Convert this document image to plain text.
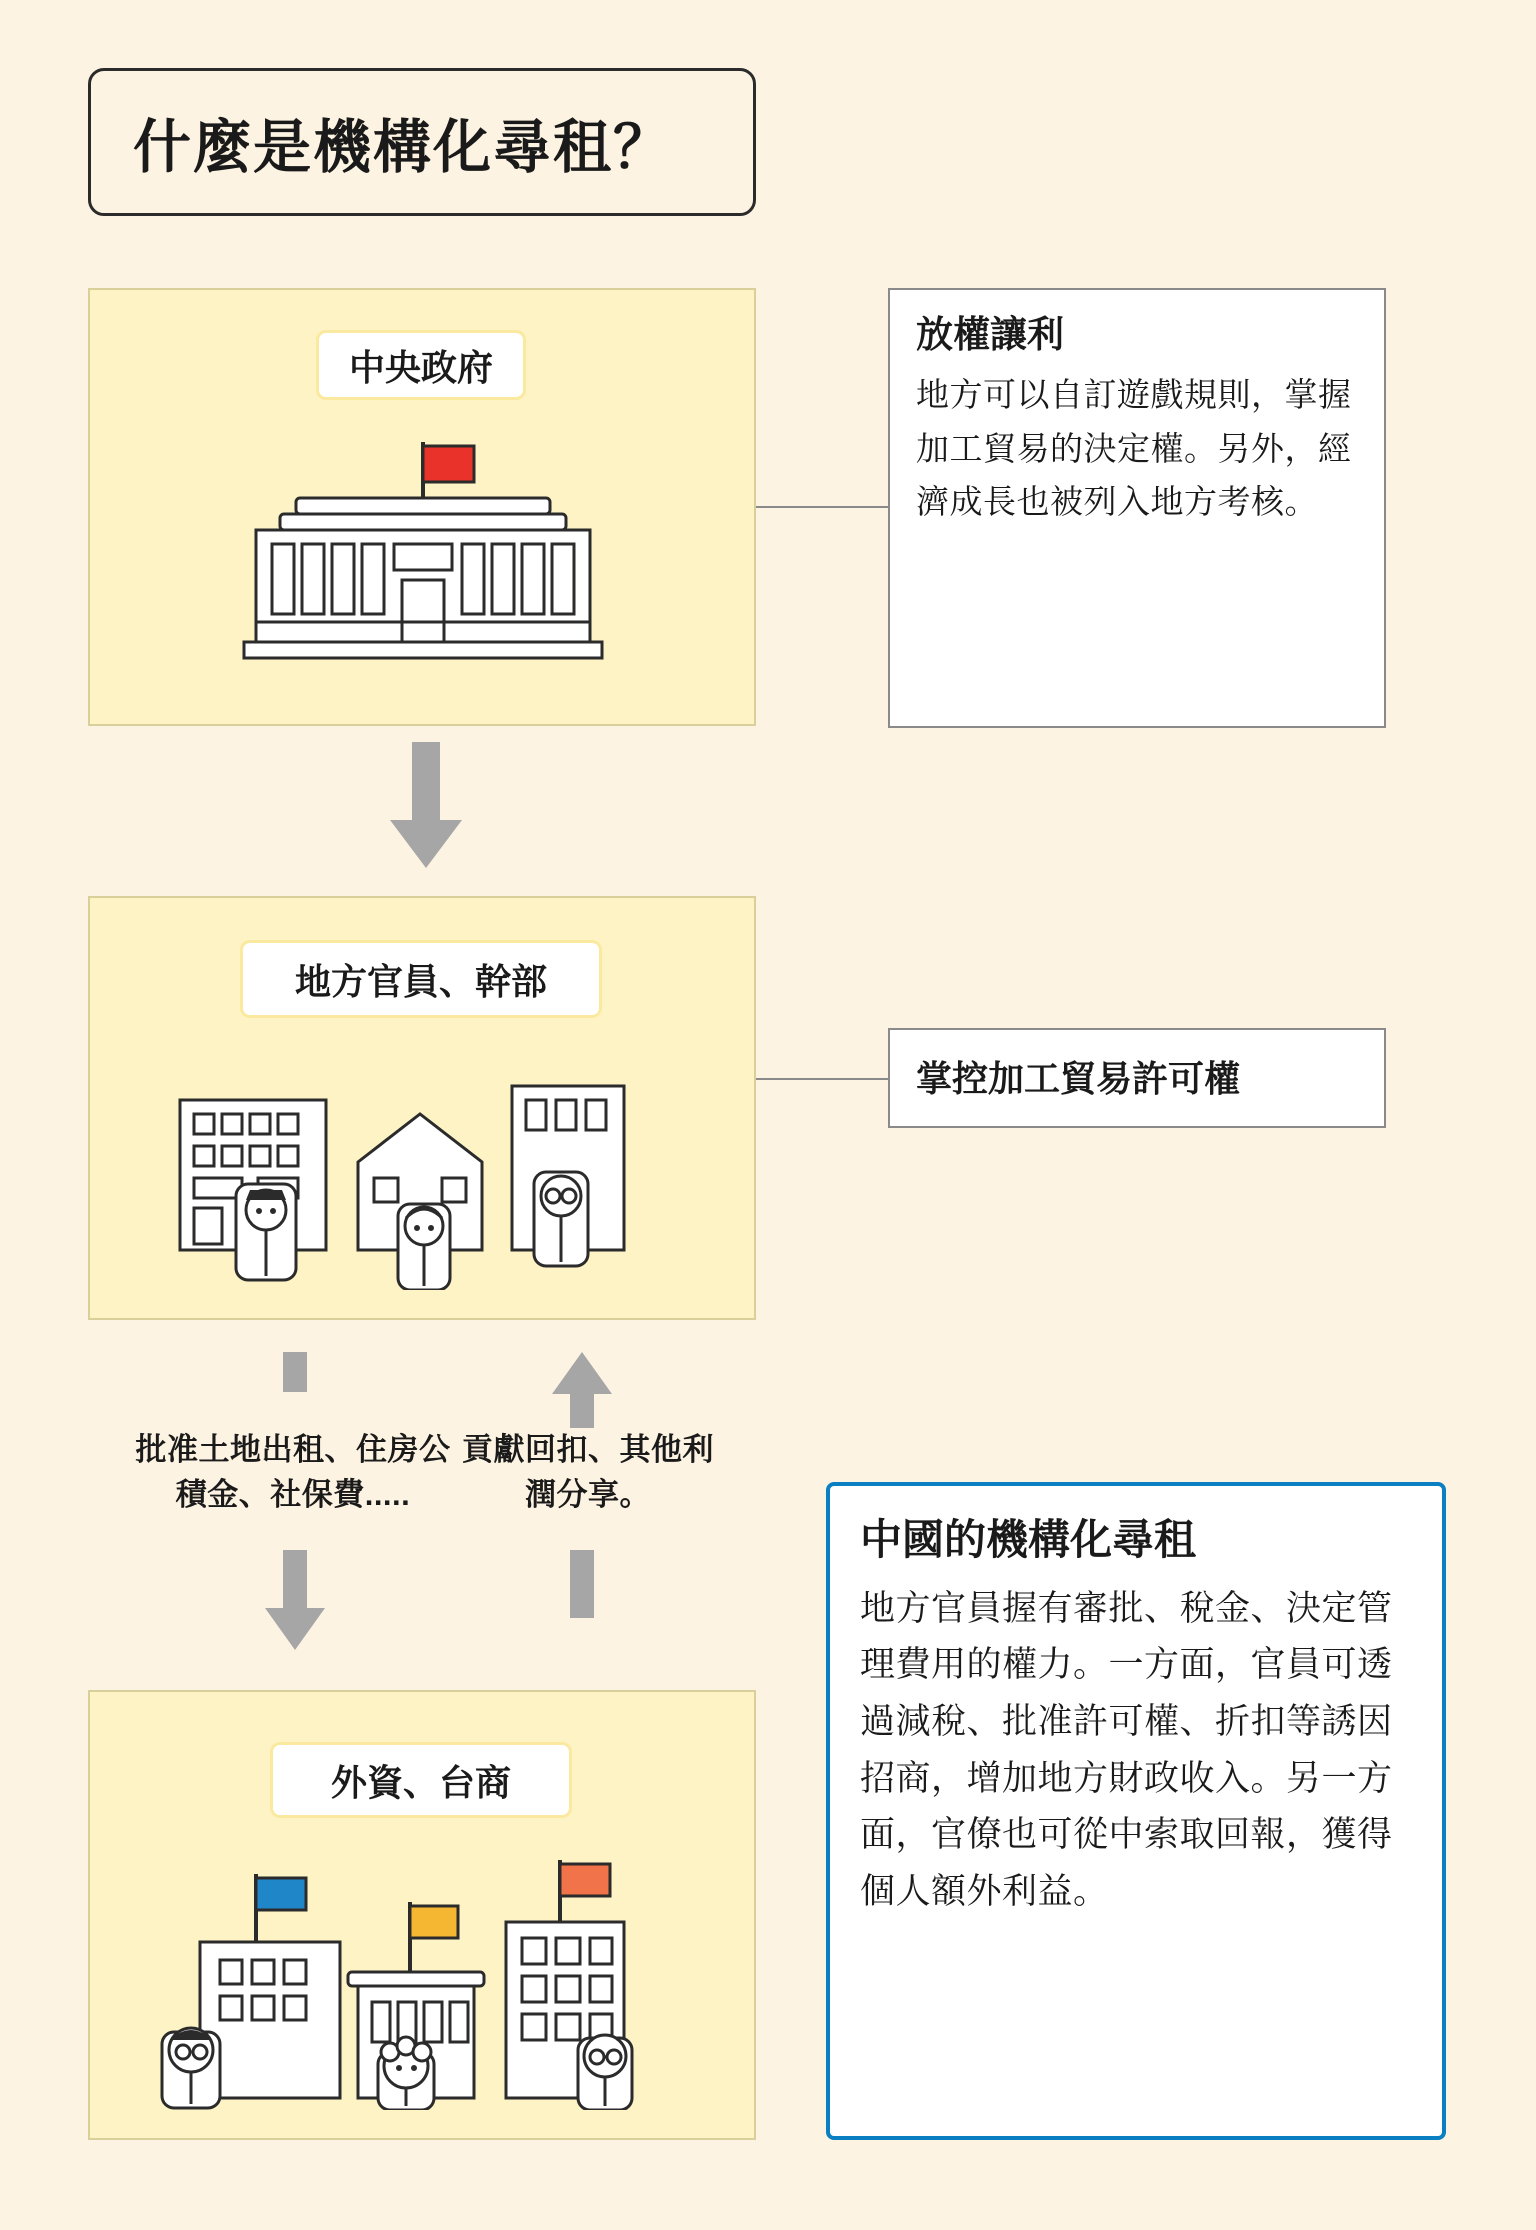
什麼是機構化尋租？
中央政府
放權讓利
地方可以自訂遊戲規則，掌握加工貿易的決定權。另外，經濟成長也被列入地方考核。
地方官員、幹部
掌控加工貿易許可權
批准土地出租、住房公積金、社保費.....
貢獻回扣、其他利潤分享。
外資、台商
中國的機構化尋租
地方官員握有審批、稅金、決定管理費用的權力。一方面，官員可透過減稅、批准許可權、折扣等誘因招商，增加地方財政收入。另一方面，官僚也可從中索取回報，獲得個人額外利益。
